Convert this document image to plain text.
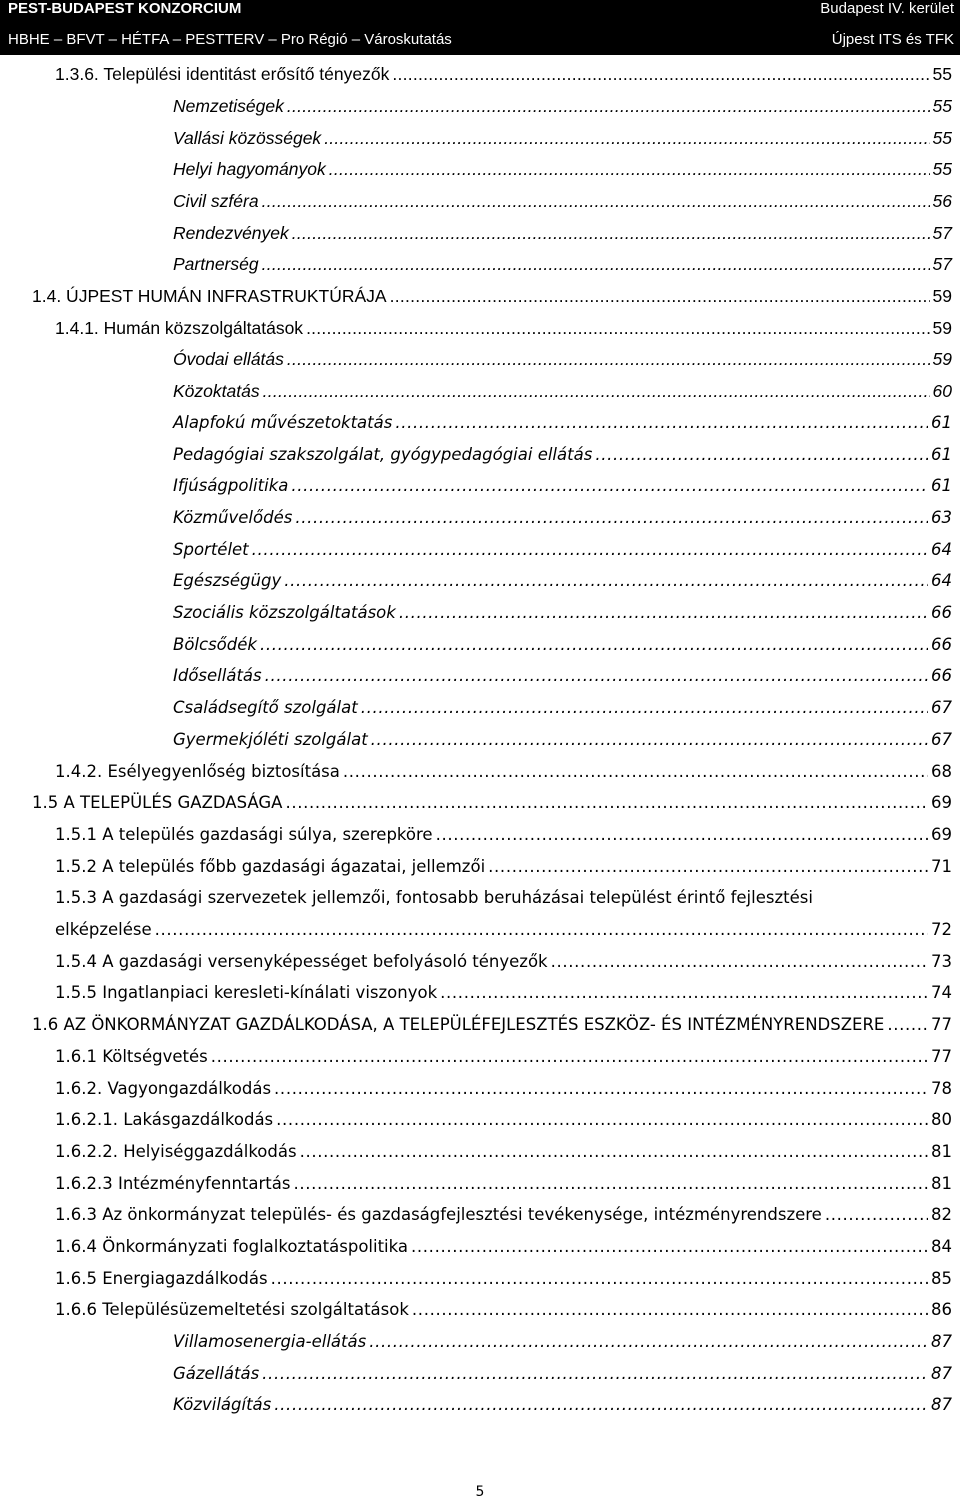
PEST-BUDAPEST KONZORCIUM	Budapest IV. kerület
HBHE – BFVT – HÉTFA – PESTTERV – Pro Régió – Városkutatás	Újpest ITS és TFK
1.3.6. Települési identitást erősítő tényezők . . .	55
Nemzetiségek . . .	55
Vallási közösségek . . .	55
Helyi hagyományok . . .	55
Civil szféra . . .	56
Rendezvények . . .	57
Partnerség . . .	57
1.4. ÚJPEST HUMÁN INFRASTRUKTÚRÁJA . . .	59
1.4.1. Humán közszolgáltatások . . .	59
Óvodai ellátás . . .	59
Közoktatás . . .	60
Alapfokú művészetoktatás . . .	61
Pedagógiai szakszolgálat, gyógypedagógiai ellátás . . .	61
Ifjúságpolitika . . .	61
Közművelődés . . .	63
Sportélet . . .	64
Egészségügy . . .	64
Szociális közszolgáltatások . . .	66
Bölcsődék . . .	66
Idősellátás . . .	66
Családsegítő szolgálat . . .	67
Gyermekjóléti szolgálat . . .	67
1.4.2. Esélyegyenlőség biztosítása . . .	68
1.5 A TELEPÜLÉS GAZDASÁGA . . .	69
1.5.1 A település gazdasági súlya, szerepköre . . .	69
1.5.2 A település főbb gazdasági ágazatai, jellemzői . . .	71
1.5.3 A gazdasági szervezetek jellemzői, fontosabb beruházásai települést érintő fejlesztési
elképzelése . . .	72
1.5.4 A gazdasági versenyképességet befolyásoló tényezők . . .	73
1.5.5 Ingatlanpiaci keresleti-kínálati viszonyok . . .	74
1.6 AZ ÖNKORMÁNYZAT GAZDÁLKODÁSA, A TELEPÜLÉFEJLESZTÉS ESZKÖZ- ÉS INTÉZMÉNYRENDSZERE . . .	77
1.6.1 Költségvetés . . .	77
1.6.2. Vagyongazdálkodás . . .	78
1.6.2.1. Lakásgazdálkodás . . .	80
1.6.2.2. Helyiséggazdálkodás . . .	81
1.6.2.3 Intézményfenntartás . . .	81
1.6.3 Az önkormányzat település- és gazdaságfejlesztési tevékenysége, intézményrendszere . . .	82
1.6.4 Önkormányzati foglalkoztatáspolitika . . .	84
1.6.5 Energiagazdálkodás . . .	85
1.6.6 Településüzemeltetési szolgáltatások . . .	86
Villamosenergia-ellátás . . .	87
Gázellátás . . .	87
Közvilágítás . . .	87
5
